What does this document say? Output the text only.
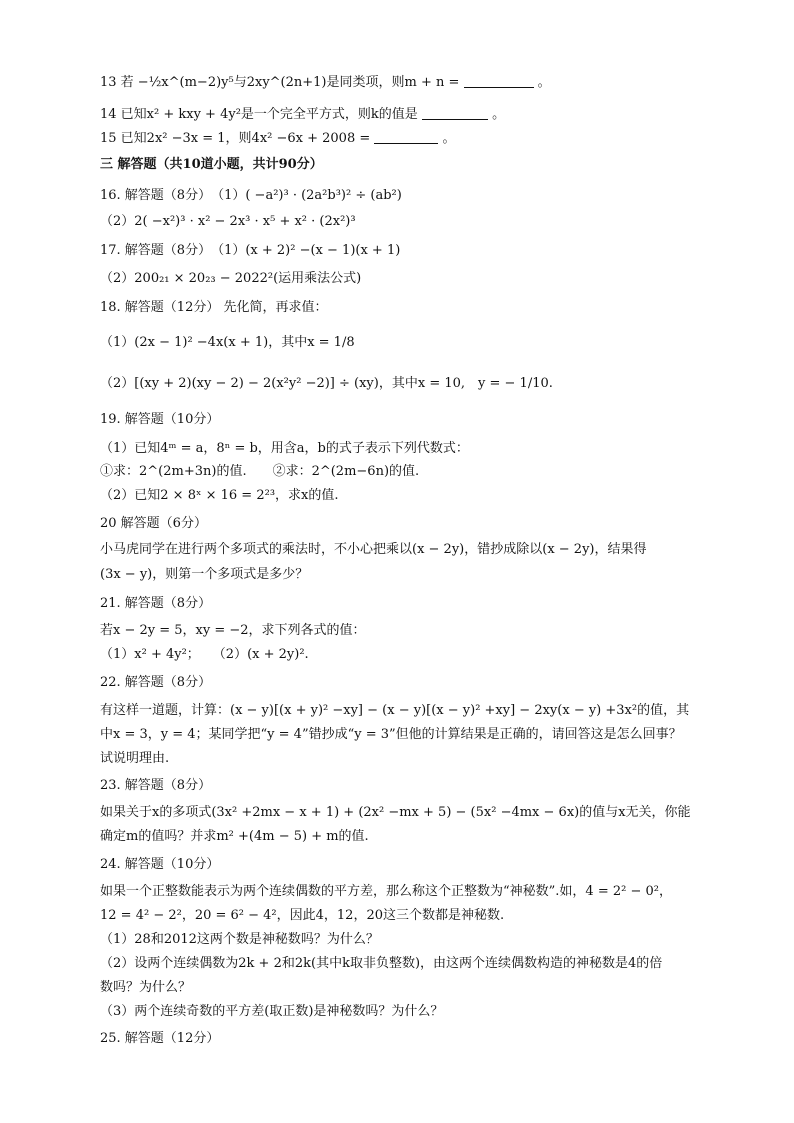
13 若 −½x^(m−2)y⁵与2xy^(2n+1)是同类项，则m + n =	。
14 已知x² + kxy + 4y²是一个完全平方式，则k的值是	。
15 已知2x² −3x = 1，则4x² −6x + 2008 =	。
三 解答题（共10道小题，共计90分）
16. 解答题（8分）　（1）( −a²)³ · (2a²b³)² ÷ (ab²)
（2）2( −x²)³ · x² − 2x³ · x⁵ + x² · (2x²)³
17. 解答题（8分）　（1）(x + 2)² −(x − 1)(x + 1)
（2）200₂₁ × 20₂₃ − 2022²(运用乘法公式)
18. 解答题（12分） 先化简，再求值：
（1）(2x − 1)² −4x(x + 1)，其中x = 1/8
（2）[(xy + 2)(xy − 2) − 2(x²y² −2)] ÷ (xy)，其中x = 10,　y = − 1/10.
19. 解答题（10分）
（1）已知4ᵐ = a，8ⁿ = b，用含a，b的式子表示下列代数式：
①求：2^(2m+3n)的值.　　②求：2^(2m−6n)的值.
（2）已知2 × 8ˣ × 16 = 2²³，求x的值.
20 解答题（6分）
小马虎同学在进行两个多项式的乘法时，不小心把乘以(x − 2y)，错抄成除以(x − 2y)，结果得
(3x − y)，则第一个多项式是多少？
21. 解答题（8分）
若x − 2y = 5，xy = −2，求下列各式的值：
（1）x² + 4y²；　　（2）(x + 2y)².
22. 解答题（8分）
有这样一道题，计算：(x − y)[(x + y)² −xy] − (x − y)[(x − y)² +xy] − 2xy(x − y) +3x²的值，其
中x = 3，y = 4；某同学把“y = 4”错抄成“y = 3”但他的计算结果是正确的，请回答这是怎么回事？
试说明理由.
23. 解答题（8分）
如果关于x的多项式(3x² +2mx − x + 1) + (2x² −mx + 5) − (5x² −4mx − 6x)的值与x无关，你能
确定m的值吗？并求m² +(4m − 5) + m的值.
24. 解答题（10分）
如果一个正整数能表示为两个连续偶数的平方差，那么称这个正整数为“神秘数”.如，4 = 2² − 0²，
12 = 4² − 2²，20 = 6² − 4²，因此4，12，20这三个数都是神秘数.
（1）28和2012这两个数是神秘数吗？为什么？
（2）设两个连续偶数为2k + 2和2k(其中k取非负整数)，由这两个连续偶数构造的神秘数是4的倍
数吗？为什么？
（3）两个连续奇数的平方差(取正数)是神秘数吗？为什么？
25. 解答题（12分）
